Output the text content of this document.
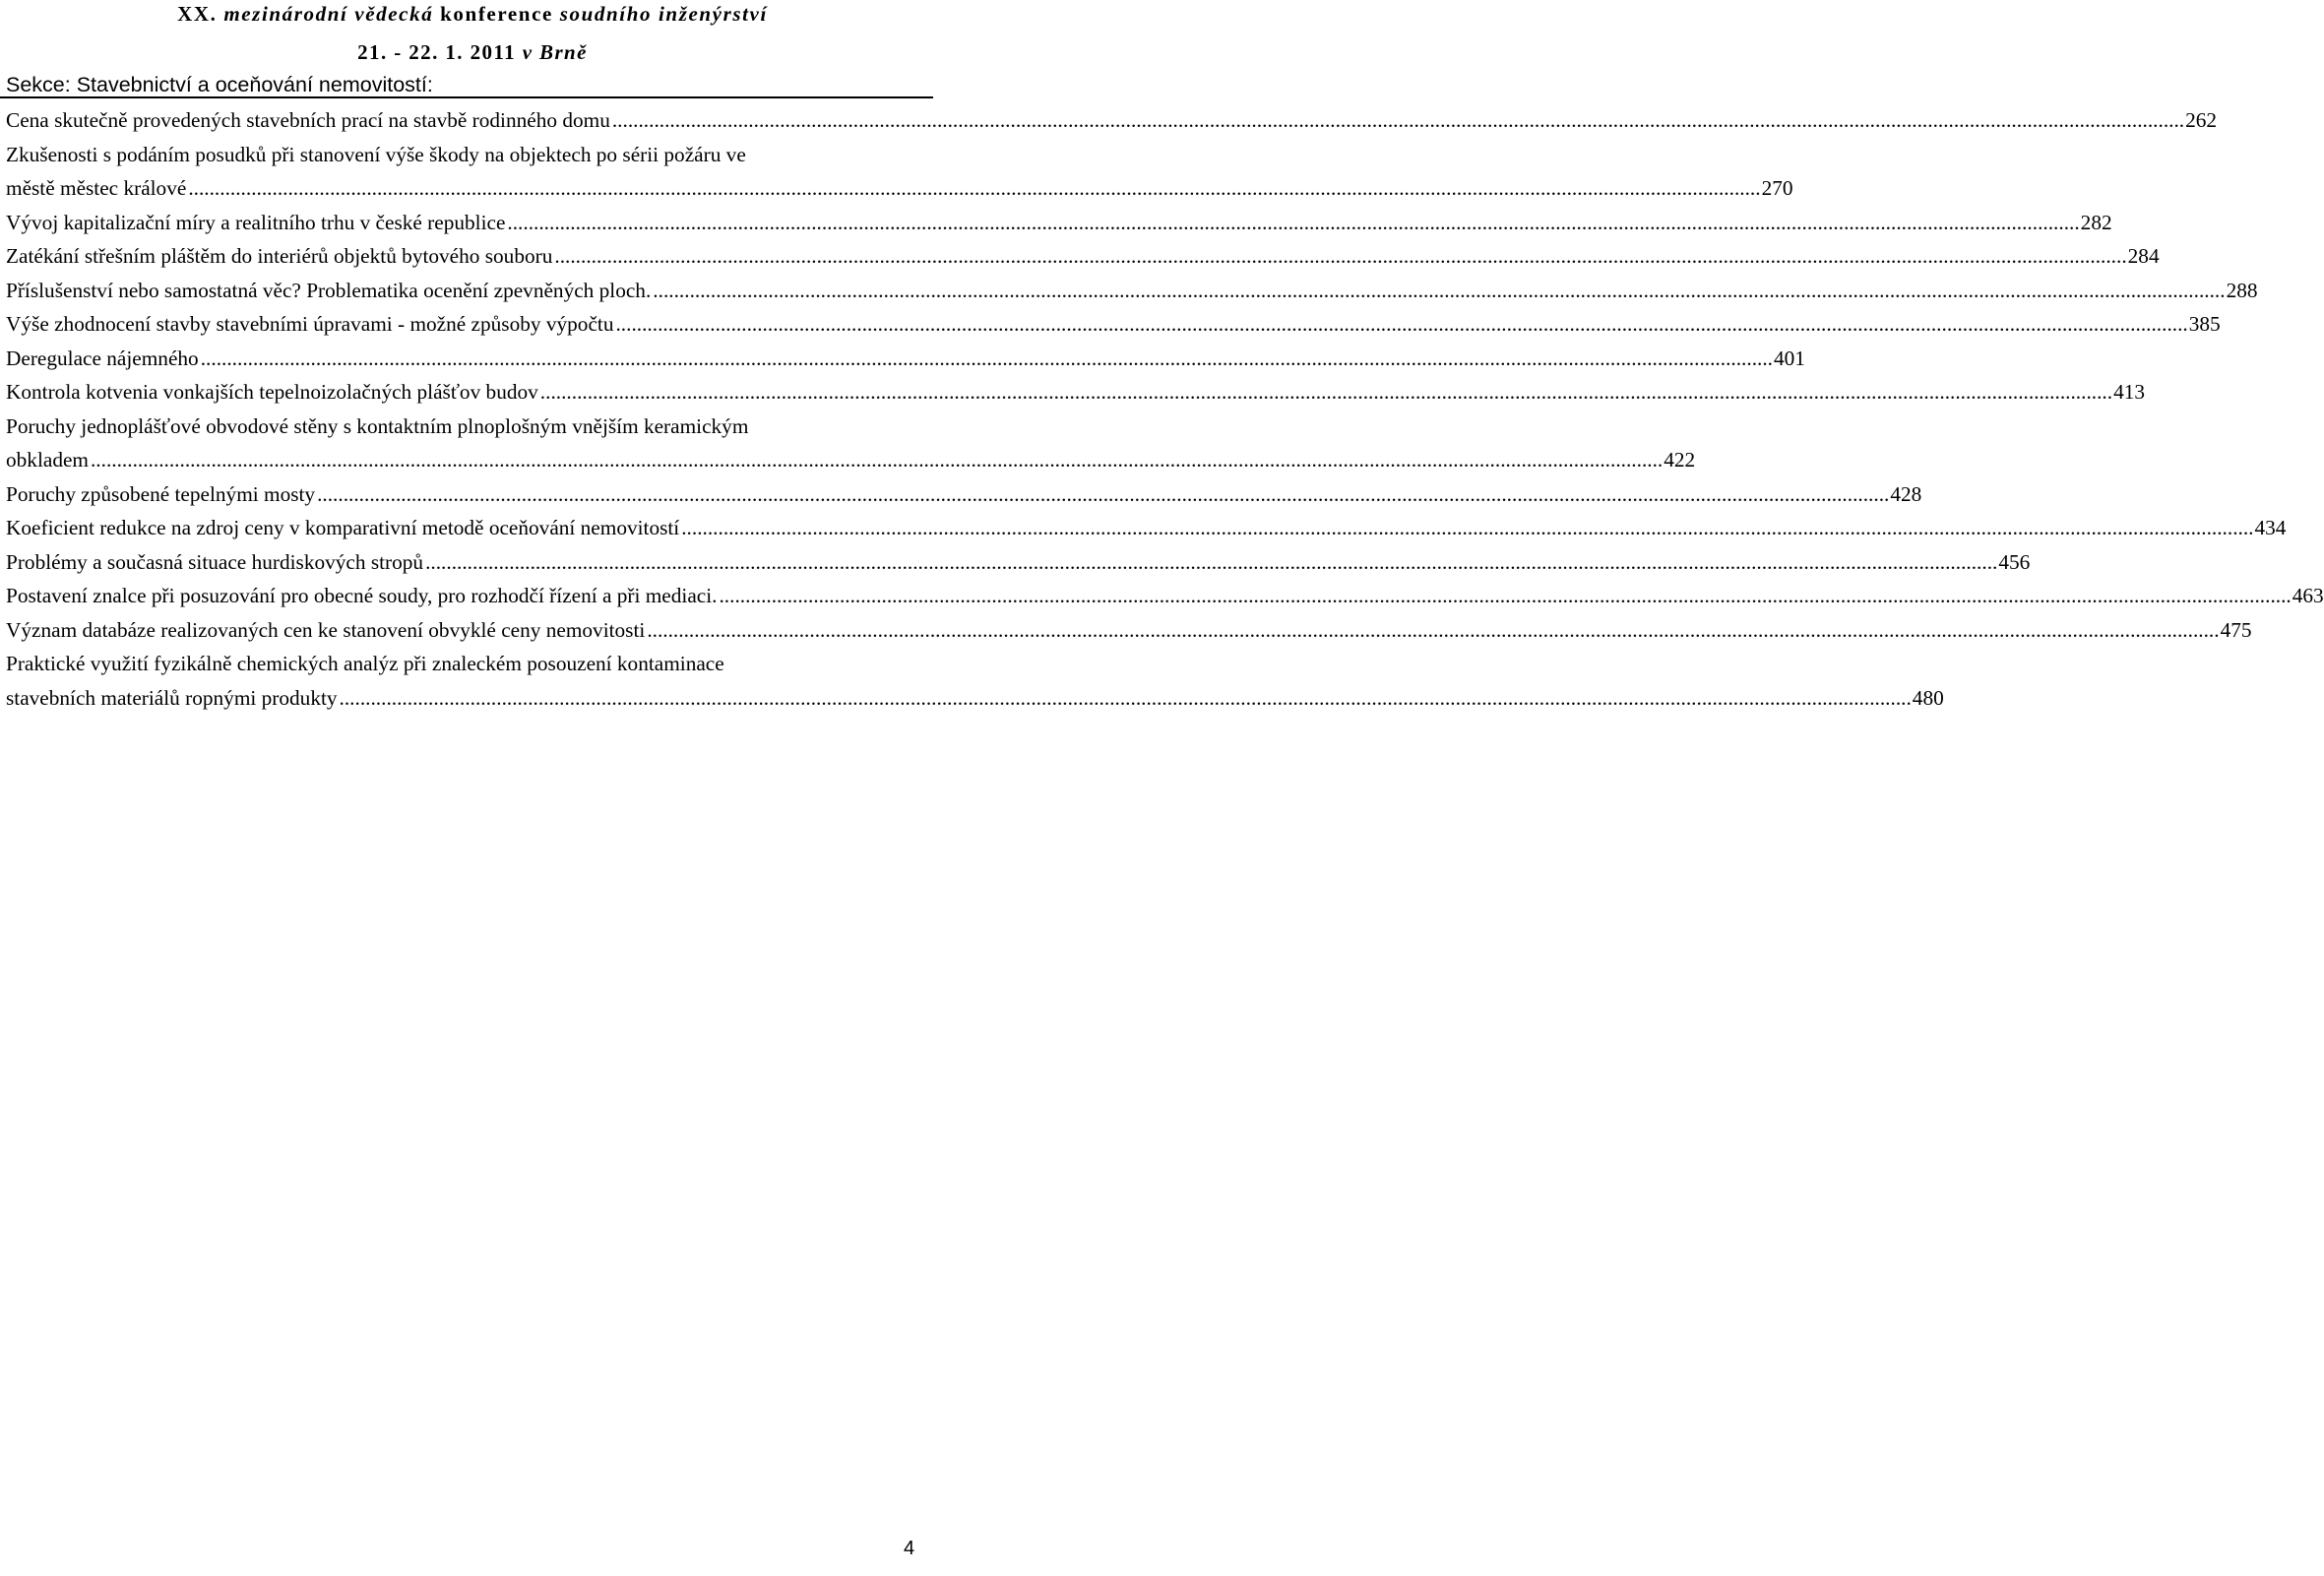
XX. mezinárodní vědecká konference soudního inženýrství
21. - 22. 1. 2011 v Brně
Sekce: Stavebnictví a oceňování nemovitostí:
Cena skutečně provedených stavebních prací na stavbě rodinného domu ............................................................................................................................................................................................................................................................................................................ 262
Zkušenosti s podáním posudků při stanovení výše škody na objektech po sérii požáru ve
městě městec králové ............................................................................................................................................................................................................................................................................................................ 270
Vývoj kapitalizační míry a realitního trhu v české republice ............................................................................................................................................................................................................................................................................................................ 282
Zatékání střešním pláštěm do interiérů objektů bytového souboru ............................................................................................................................................................................................................................................................................................................ 284
Příslušenství nebo samostatná věc? Problematika ocenění zpevněných ploch. ............................................................................................................................................................................................................................................................................................................ 288
Výše zhodnocení stavby stavebními úpravami - možné způsoby výpočtu ............................................................................................................................................................................................................................................................................................................ 385
Deregulace nájemného ............................................................................................................................................................................................................................................................................................................ 401
Kontrola kotvenia vonkajších tepelnoizolačných plášťov budov ............................................................................................................................................................................................................................................................................................................ 413
Poruchy jednoplášťové obvodové stěny s kontaktním plnoplošným vnějším keramickým
obkladem ............................................................................................................................................................................................................................................................................................................ 422
Poruchy způsobené tepelnými mosty ............................................................................................................................................................................................................................................................................................................ 428
Koeficient redukce na zdroj ceny v komparativní metodě oceňování nemovitostí ............................................................................................................................................................................................................................................................................................................ 434
Problémy a současná situace hurdiskových stropů ............................................................................................................................................................................................................................................................................................................ 456
Postavení znalce při posuzování pro obecné soudy, pro rozhodčí řízení a při mediaci. ............................................................................................................................................................................................................................................................................................................ 463
Význam databáze realizovaných cen ke stanovení obvyklé ceny nemovitosti ............................................................................................................................................................................................................................................................................................................ 475
Praktické využití fyzikálně chemických analýz při znaleckém posouzení kontaminace
stavebních materiálů ropnými produkty ............................................................................................................................................................................................................................................................................................................ 480
4
